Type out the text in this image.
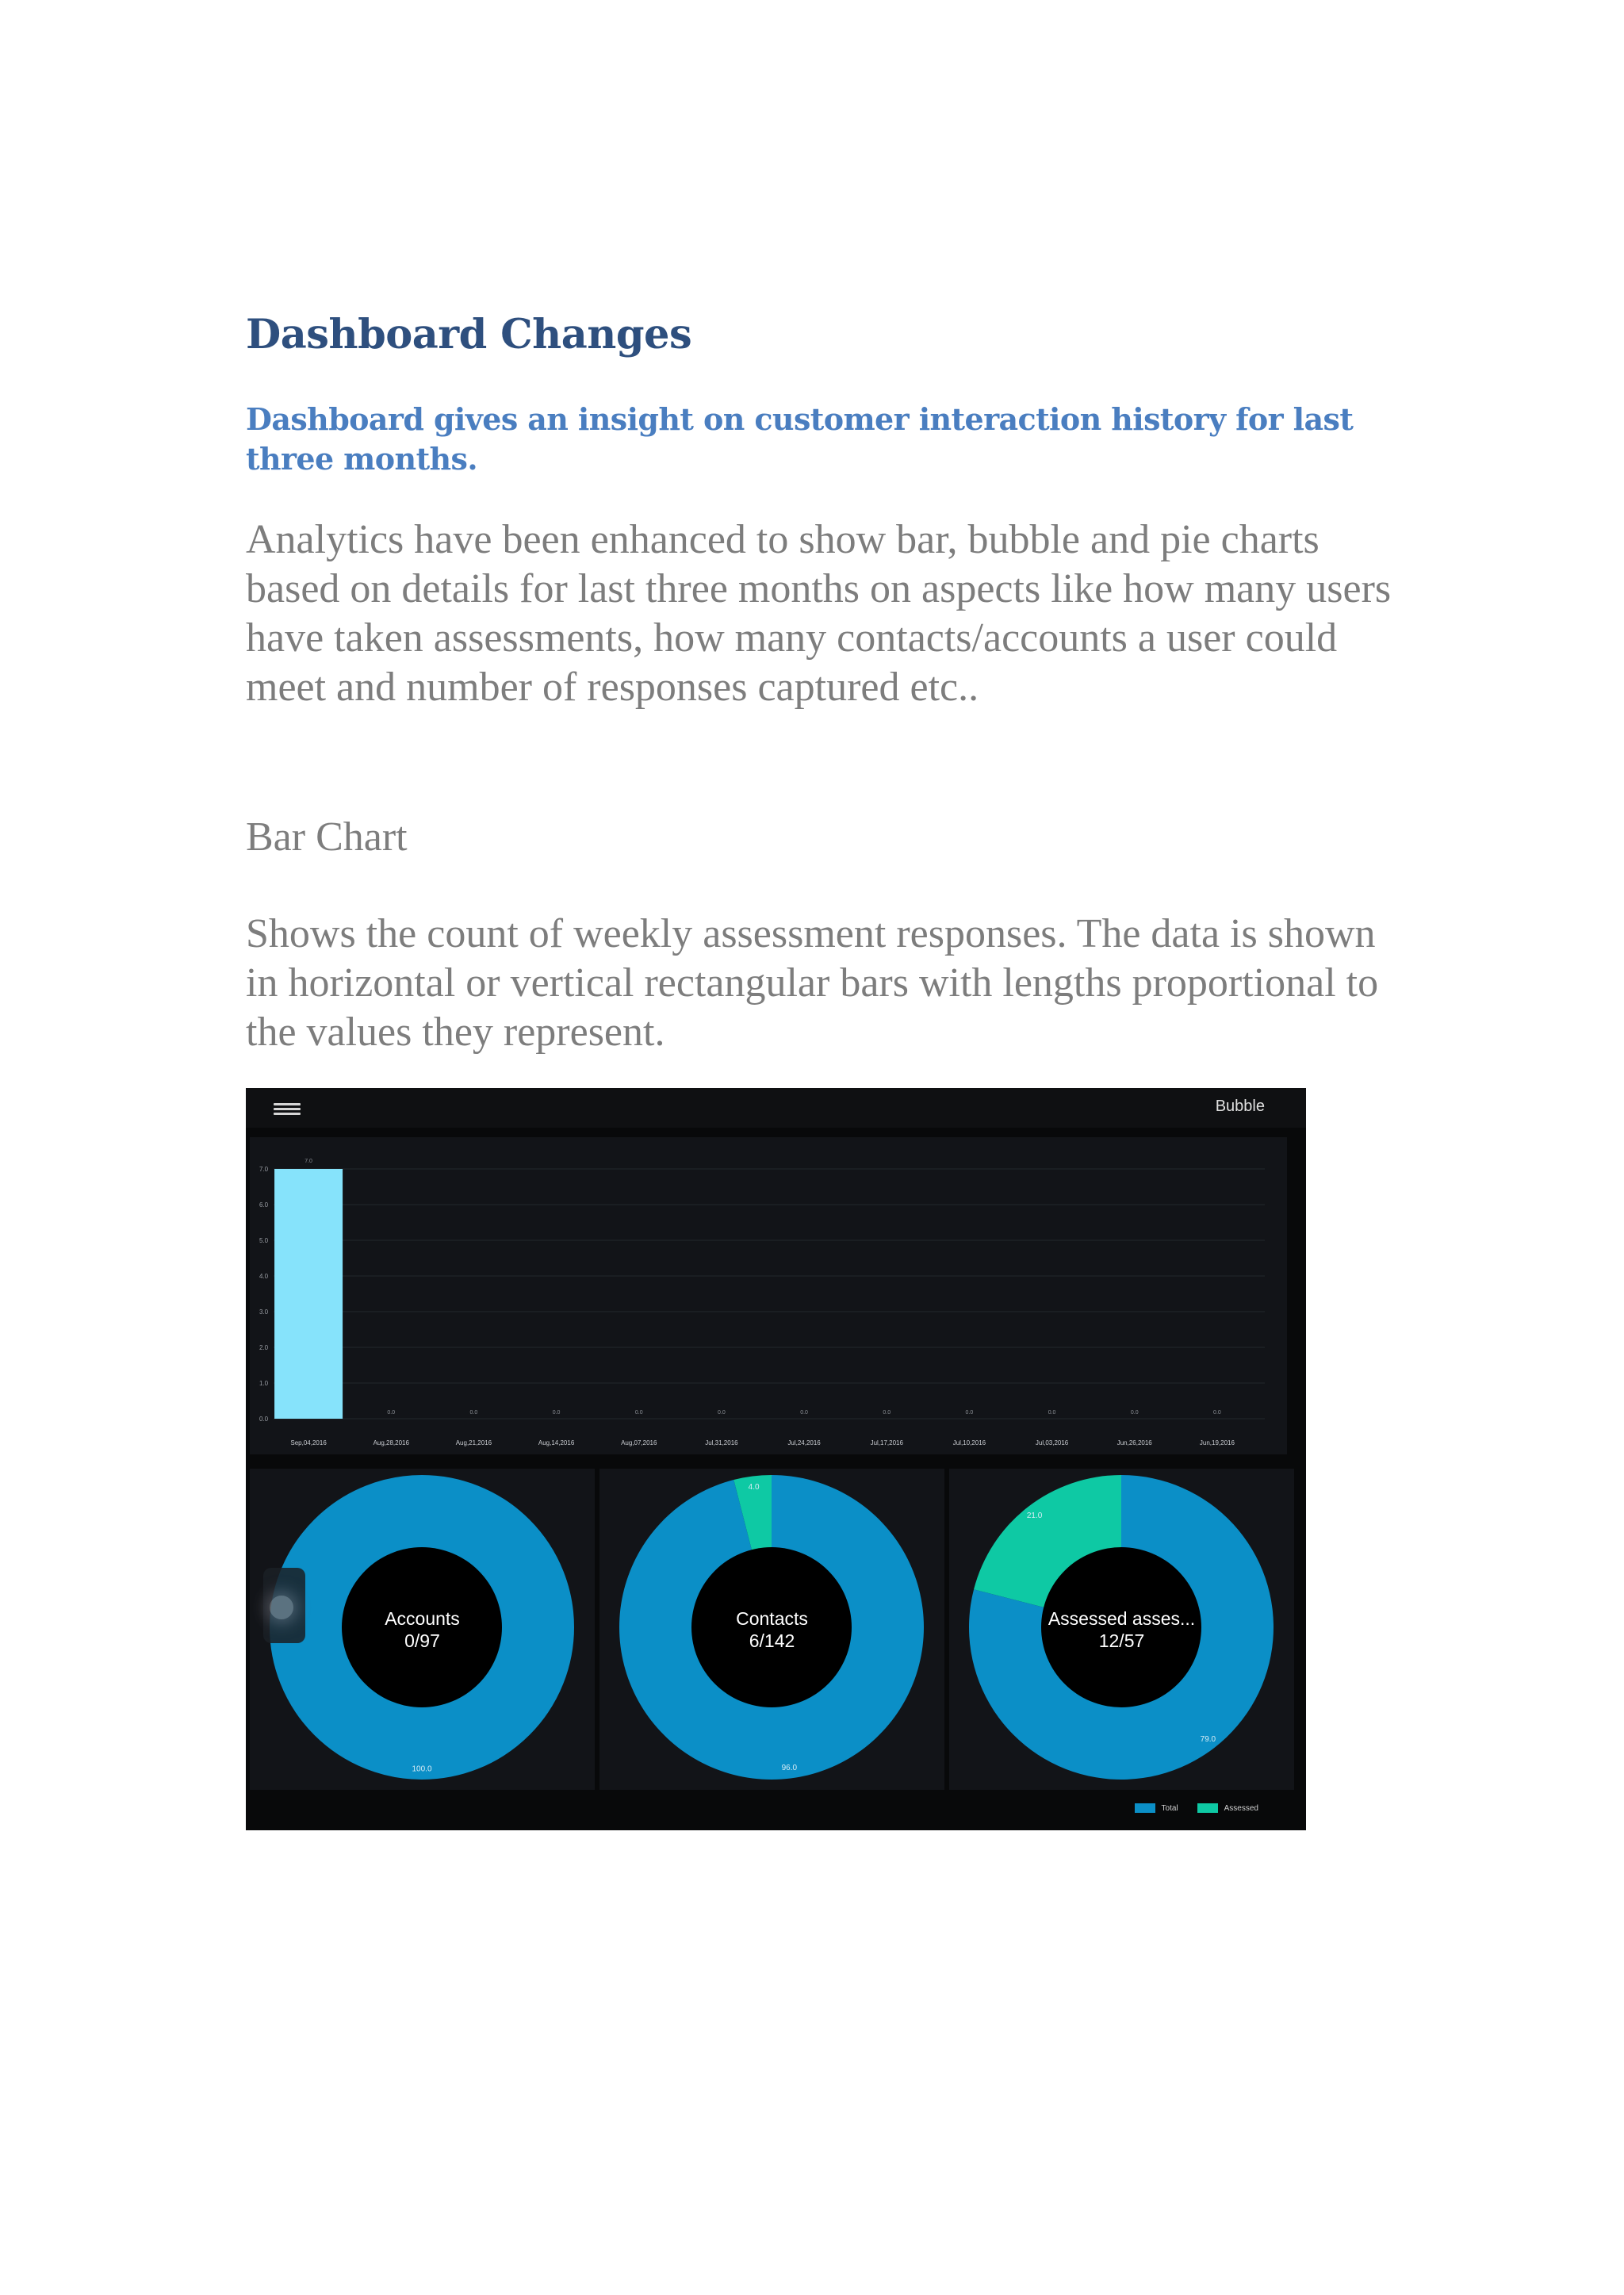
Dashboard Changes
Dashboard gives an insight on customer interaction history for last three months.

Analytics have been enhanced to show bar, bubble and pie charts based on details for last three months on aspects like how many users have taken assessments, how many contacts/accounts a user could meet and number of responses captured etc..

Bar Chart

Shows the count of weekly assessment responses. The data is shown in horizontal or vertical rectangular bars with lengths proportional to the values they represent.

Bubble
0.0
1.0
2.0
3.0
4.0
5.0
6.0
7.0
7.0
Sep,04,2016
0.0
Aug,28,2016
0.0
Aug,21,2016
0.0
Aug,14,2016
0.0
Aug,07,2016
0.0
Jul,31,2016
0.0
Jul,24,2016
0.0
Jul,17,2016
0.0
Jul,10,2016
0.0
Jul,03,2016
0.0
Jun,26,2016
0.0
Jun,19,2016
100.0
Accounts
0/97
4.0
96.0
Contacts
6/142
21.0
79.0
Assessed asses...
12/57
Total	Assessed
